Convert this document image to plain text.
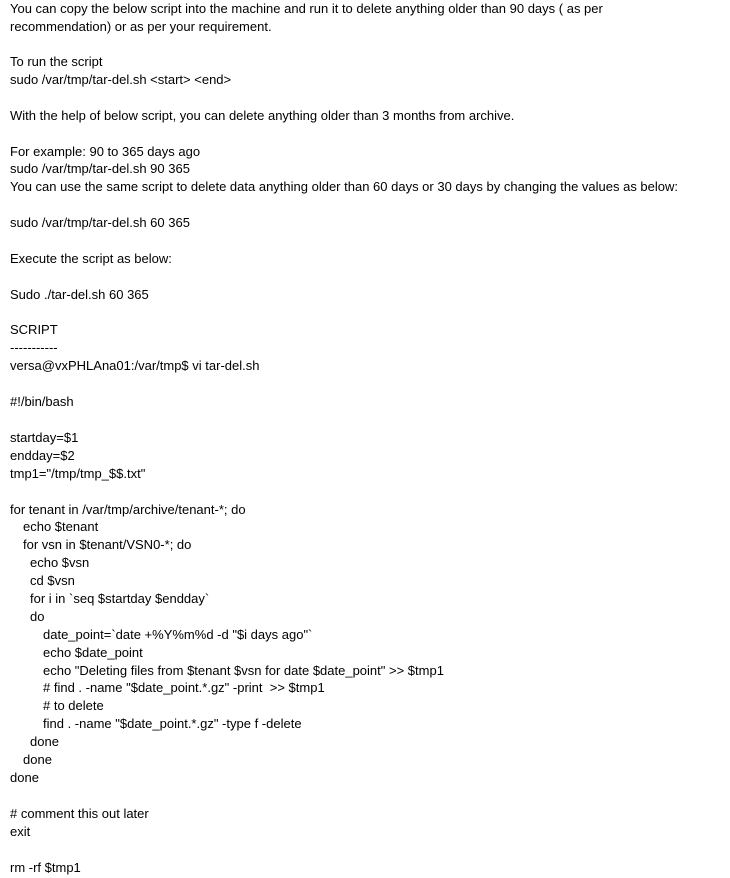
You can copy the below script into the machine and run it to delete anything older than 90 days ( as per
recommendation) or as per your requirement.
To run the script
sudo /var/tmp/tar-del.sh <start> <end>
With the help of below script, you can delete anything older than 3 months from archive.
For example: 90 to 365 days ago
sudo /var/tmp/tar-del.sh 90 365
You can use the same script to delete data anything older than 60 days or 30 days by changing the values as below:
sudo /var/tmp/tar-del.sh 60 365
Execute the script as below:
Sudo ./tar-del.sh 60 365
SCRIPT
-----------
versa@vxPHLAna01:/var/tmp$ vi tar-del.sh
#!/bin/bash
startday=$1
endday=$2
tmp1="/tmp/tmp_$$.txt"
for tenant in /var/tmp/archive/tenant-*; do
echo $tenant
for vsn in $tenant/VSN0-*; do
echo $vsn
cd $vsn
for i in `seq $startday $endday`
do
date_point=`date +%Y%m%d -d "$i days ago"`
echo $date_point
echo "Deleting files from $tenant $vsn for date $date_point" >> $tmp1
# find . -name "$date_point.*.gz" -print  >> $tmp1
# to delete
find . -name "$date_point.*.gz" -type f -delete
done
done
done
# comment this out later
exit
rm -rf $tmp1
